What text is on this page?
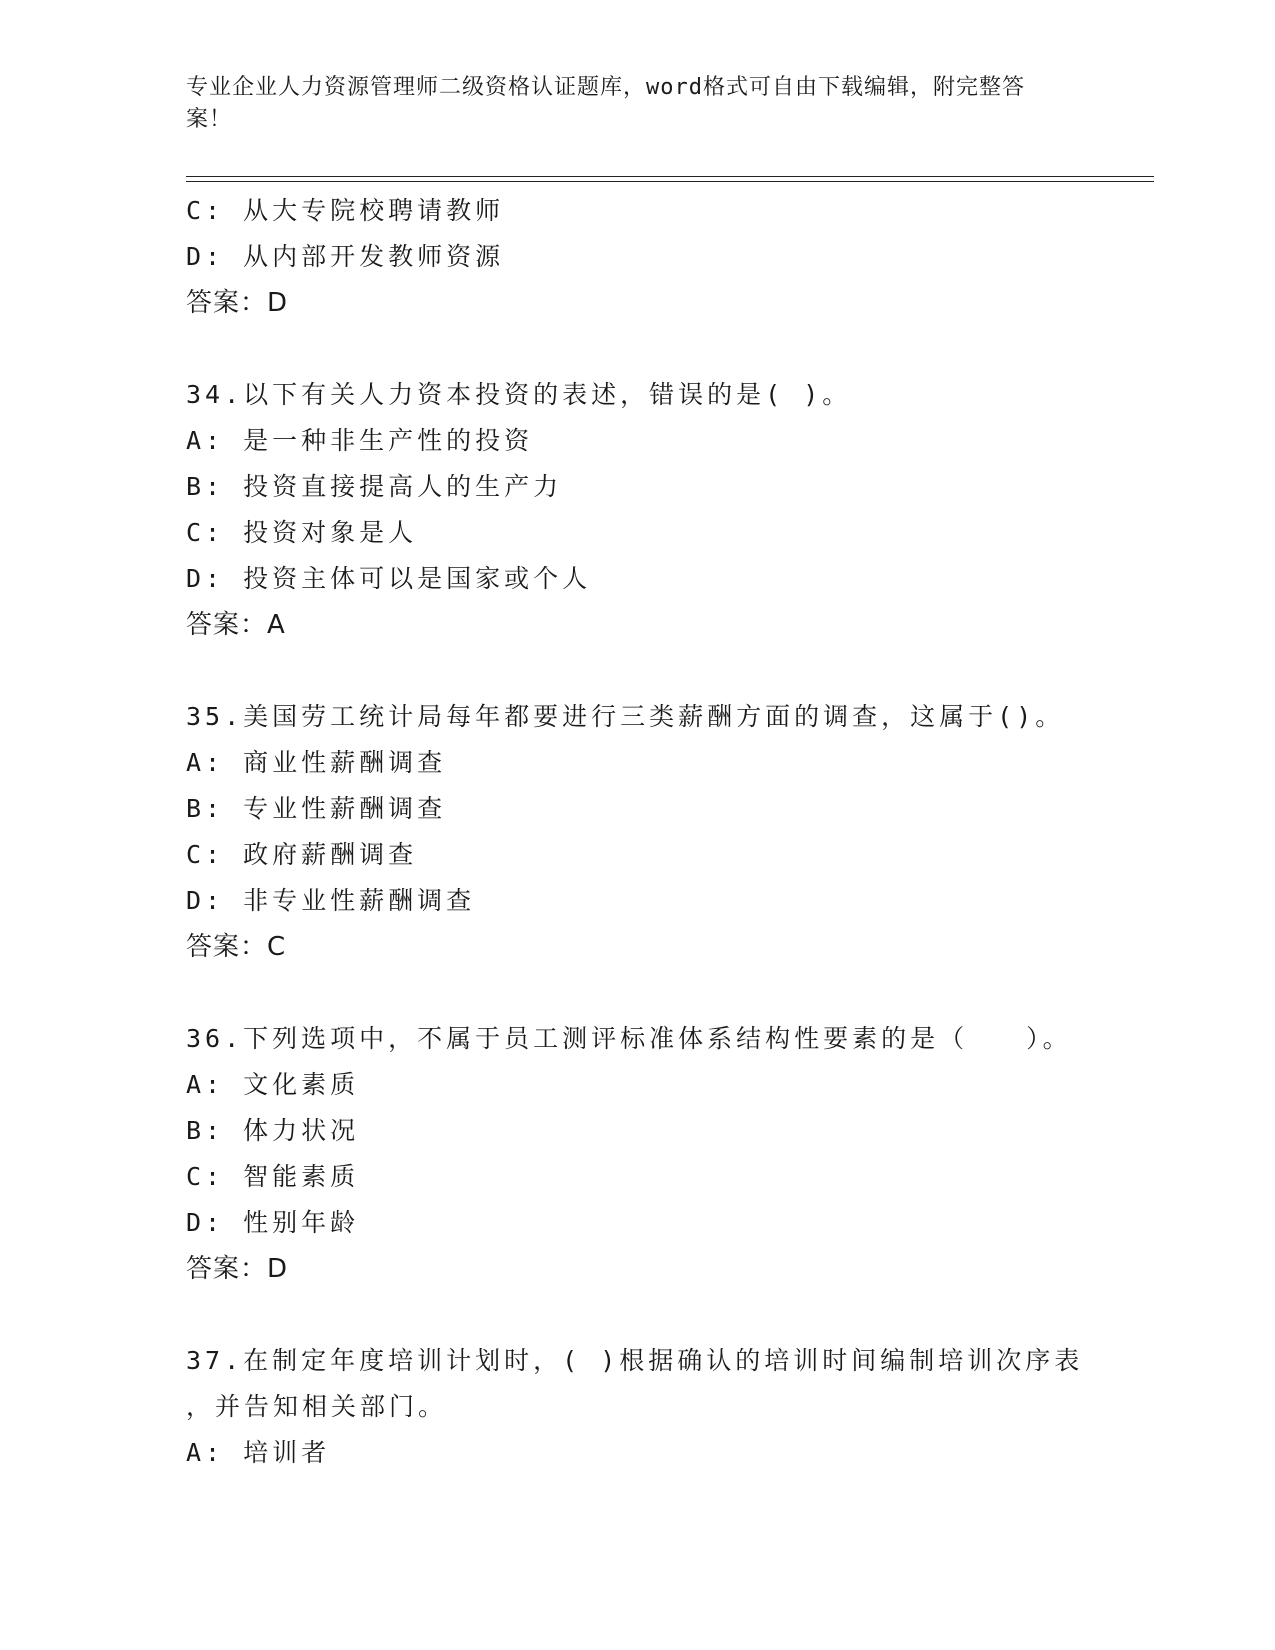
专业企业人力资源管理师二级资格认证题库，word格式可自由下载编辑，附完整答案！
C: 从大专院校聘请教师
D: 从内部开发教师资源
答案：D
34.以下有关人力资本投资的表述，错误的是( )。
A: 是一种非生产性的投资
B: 投资直接提高人的生产力
C: 投资对象是人
D: 投资主体可以是国家或个人
答案：A
35.美国劳工统计局每年都要进行三类薪酬方面的调查，这属于()。
A: 商业性薪酬调查
B: 专业性薪酬调查
C: 政府薪酬调查
D: 非专业性薪酬调查
答案：C
36.下列选项中，不属于员工测评标准体系结构性要素的是（　　）。
A: 文化素质
B: 体力状况
C: 智能素质
D: 性别年龄
答案：D
37.在制定年度培训计划时，( )根据确认的培训时间编制培训次序表
，并告知相关部门。
A: 培训者
